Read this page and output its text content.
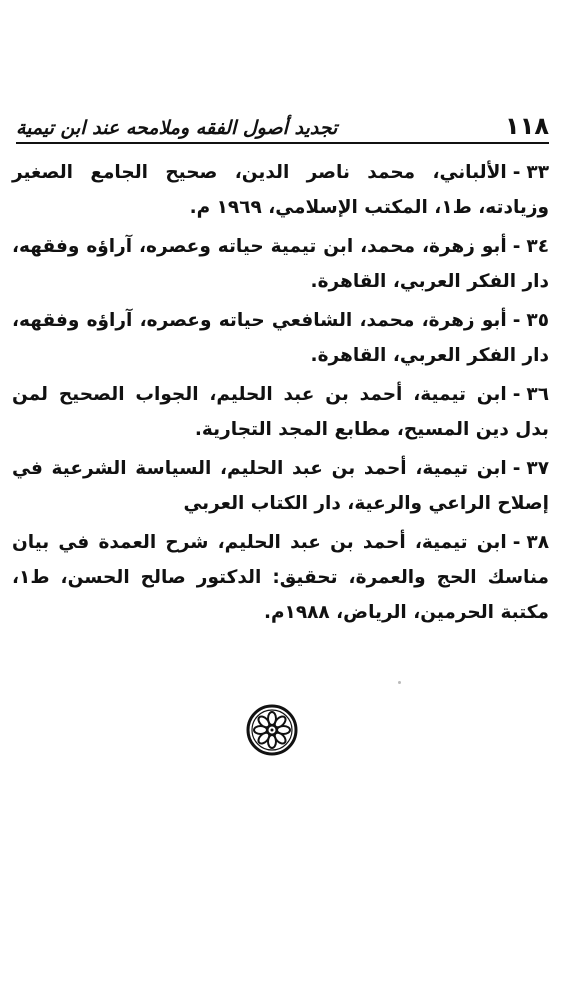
١١٨
تجديد أصول الفقه وملامحه عند ابن تيمية
٣٣-الألباني، محمد ناصر الدين، صحيح الجامع الصغير وزيادته، ط١، المكتب الإسلامي، ١٩٦٩ م.
٣٤-أبو زهرة، محمد، ابن تيمية حياته وعصره، آراؤه وفقهه، دار الفكر العربي، القاهرة.
٣٥-أبو زهرة، محمد، الشافعي حياته وعصره، آراؤه وفقهه، دار الفكر العربي، القاهرة.
٣٦-ابن تيمية، أحمد بن عبد الحليم، الجواب الصحيح لمن بدل دين المسيح، مطابع المجد التجارية.
٣٧-ابن تيمية، أحمد بن عبد الحليم، السياسة الشرعية في إصلاح الراعي والرعية، دار الكتاب العربي
٣٨-ابن تيمية، أحمد بن عبد الحليم، شرح العمدة في بيان مناسك الحج والعمرة، تحقيق: الدكتور صالح الحسن، ط١، مكتبة الحرمين، الرياض، ١٩٨٨م.
